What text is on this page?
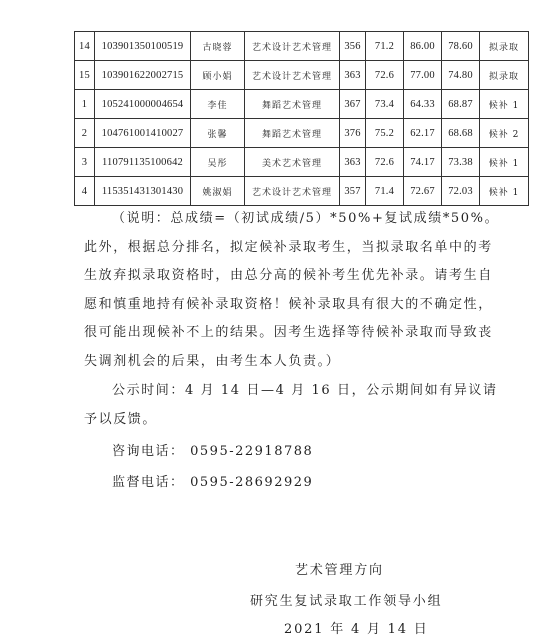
14	103901350100519	古晓蓉	艺术设计艺术管理	356	71.2	86.00	78.60	拟录取
15	103901622002715	顾小娟	艺术设计艺术管理	363	72.6	77.00	74.80	拟录取
1	105241000004654	李佳	舞蹈艺术管理	367	73.4	64.33	68.87	候补 1
2	104761001410027	张馨	舞蹈艺术管理	376	75.2	62.17	68.68	候补 2
3	110791135100642	吴彤	美术艺术管理	363	72.6	74.17	73.38	候补 1
4	115351431301430	姚淑娟	艺术设计艺术管理	357	71.4	72.67	72.03	候补 1
（说明：总成绩=（初试成绩/5）*50%+复试成绩*50%。此外，根据总分排名，拟定候补录取考生，当拟录取名单中的考生放弃拟录取资格时，由总分高的候补考生优先补录。请考生自愿和慎重地持有候补录取资格！候补录取具有很大的不确定性，很可能出现候补不上的结果。因考生选择等待候补录取而导致丧失调剂机会的后果，由考生本人负责。）
公示时间：4 月 14 日—4 月 16 日，公示期间如有异议请予以反馈。
咨询电话： 0595-22918788
监督电话： 0595-28692929
艺术管理方向
研究生复试录取工作领导小组
2021 年 4 月 14 日
